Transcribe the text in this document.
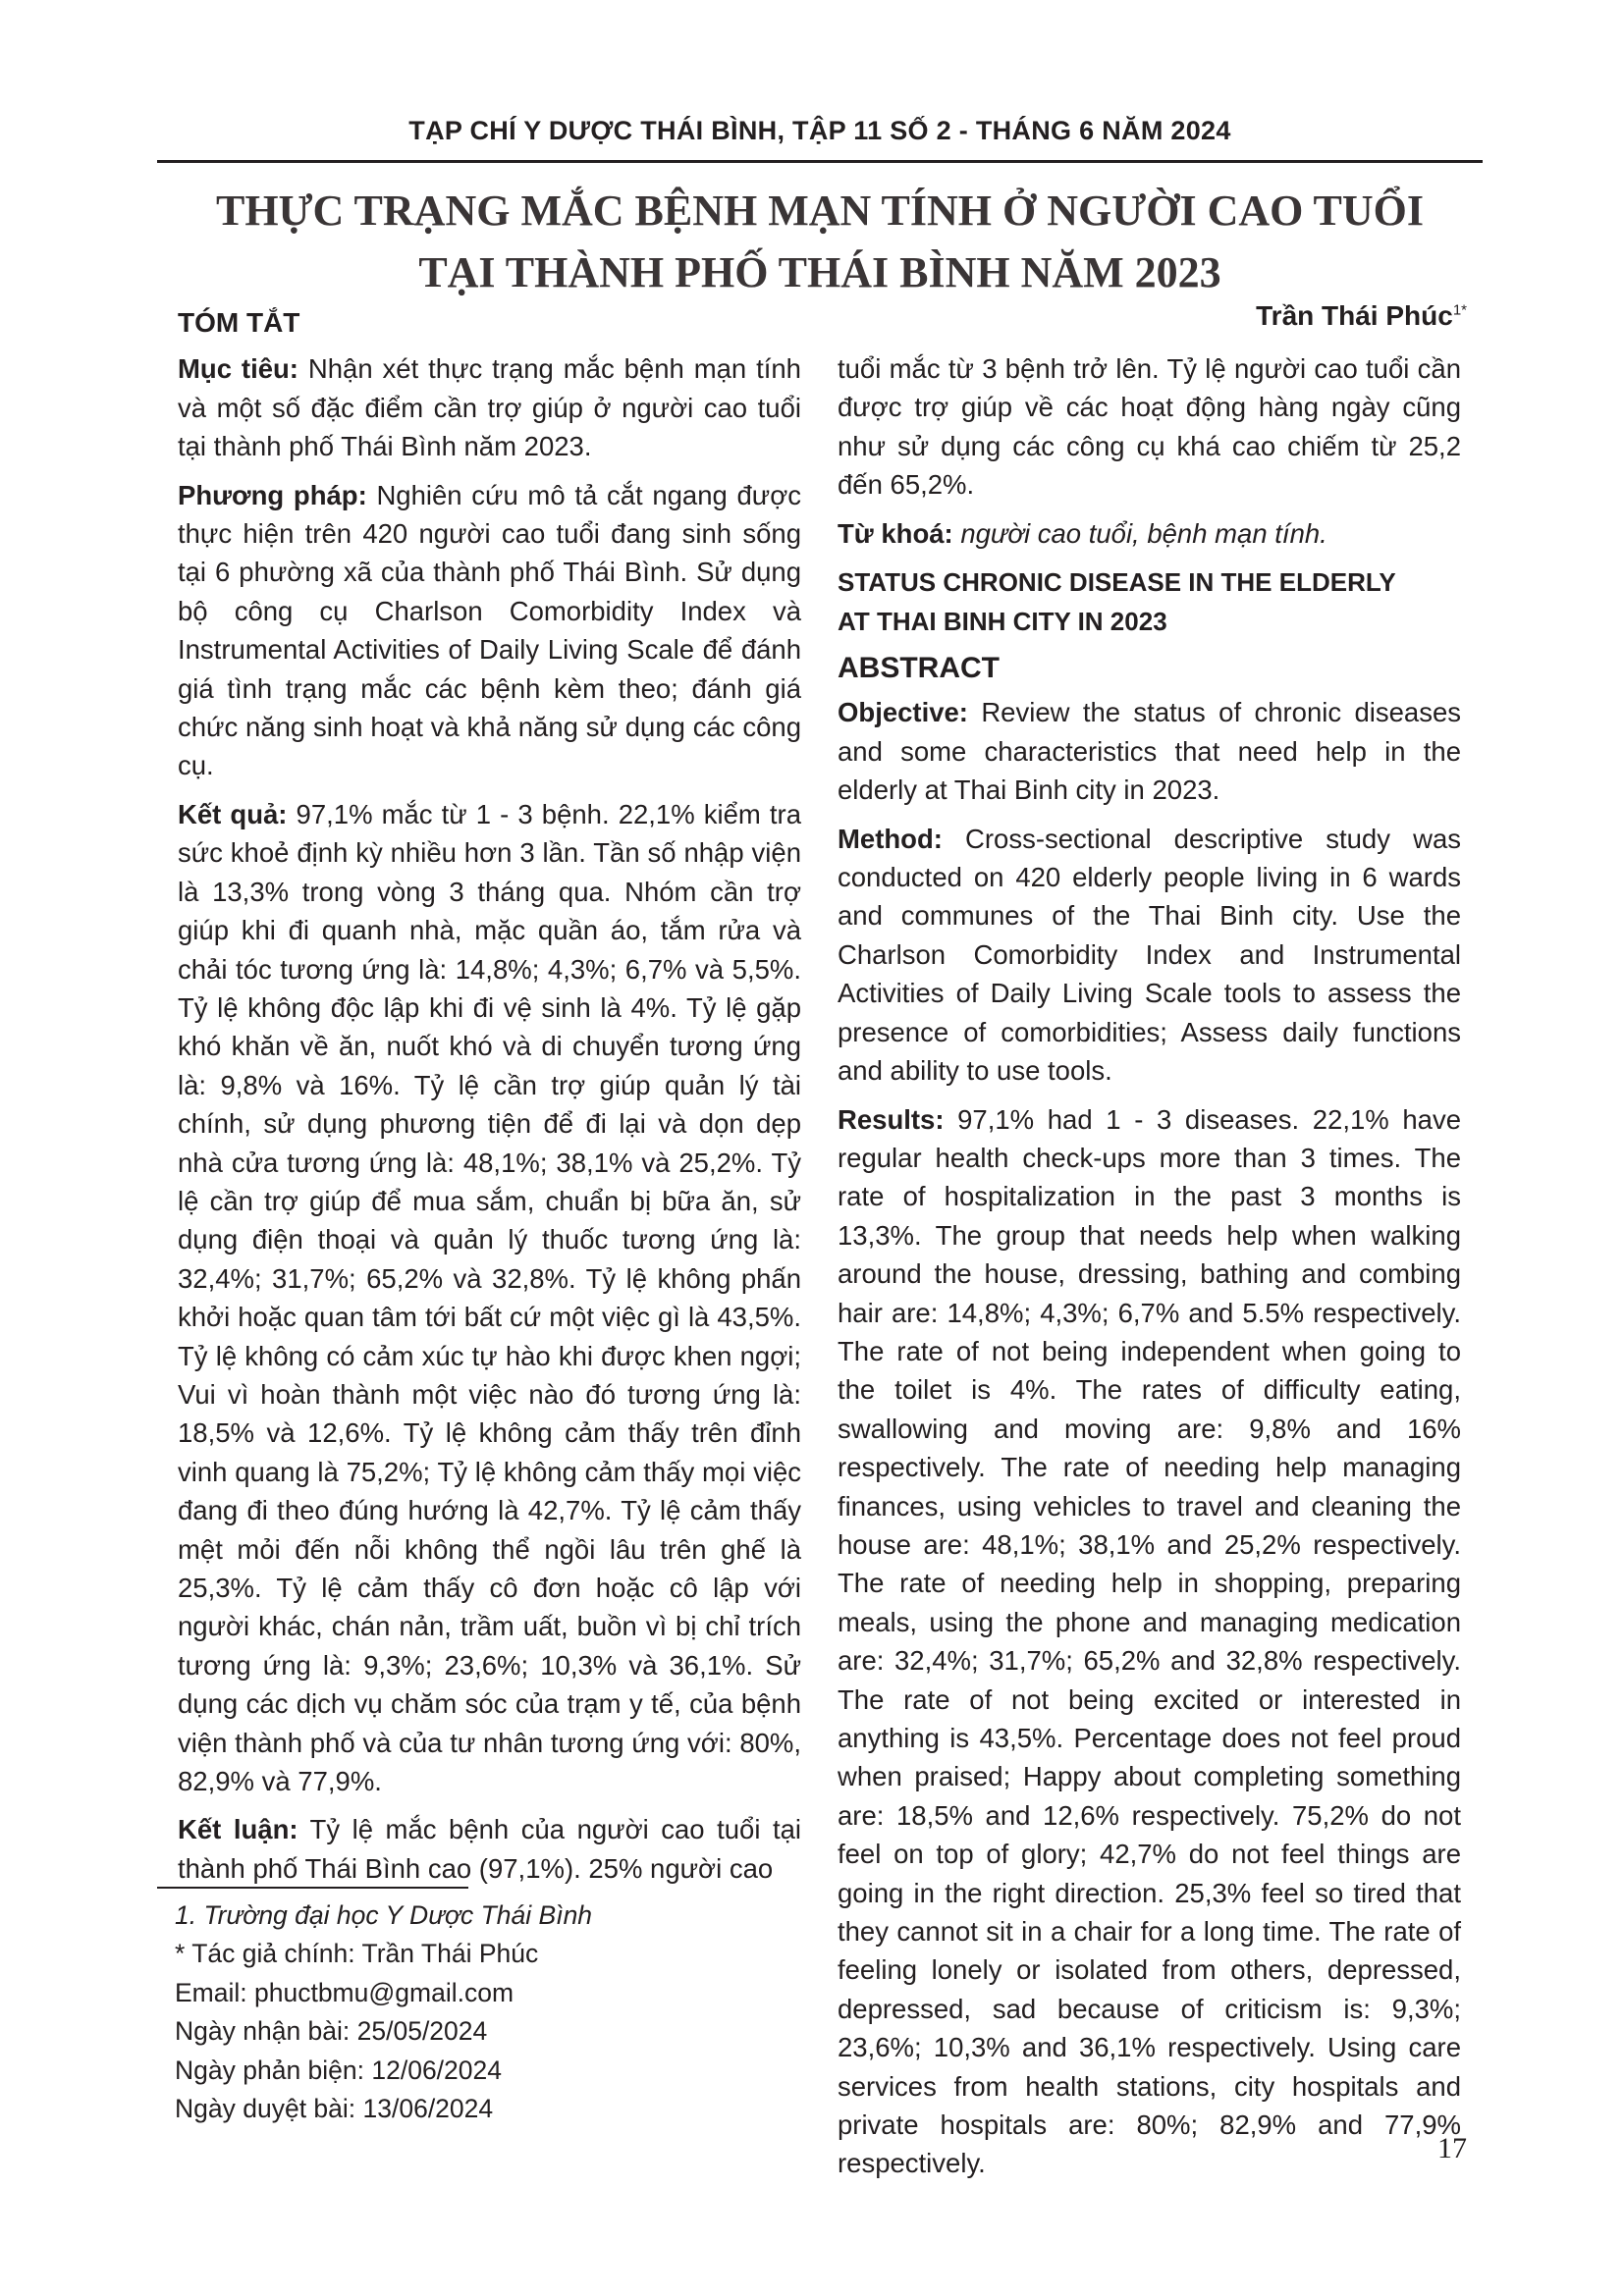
TẠP CHÍ Y DƯỢC THÁI BÌNH, TẬP 11 SỐ 2 - THÁNG 6 NĂM 2024
THỰC TRẠNG MẮC BỆNH MẠN TÍNH Ở NGƯỜI CAO TUỔI
TẠI THÀNH PHỐ THÁI BÌNH NĂM 2023
Trần Thái Phúc$^{1*}$
TÓM TẮT

Mục tiêu: Nhận xét thực trạng mắc bệnh mạn tính và một số đặc điểm cần trợ giúp ở người cao tuổi tại thành phố Thái Bình năm 2023.

Phương pháp: Nghiên cứu mô tả cắt ngang được thực hiện trên 420 người cao tuổi đang sinh sống tại 6 phường xã của thành phố Thái Bình. Sử dụng bộ công cụ Charlson Comorbidity Index và Instrumental Activities of Daily Living Scale để đánh giá tình trạng mắc các bệnh kèm theo; đánh giá chức năng sinh hoạt và khả năng sử dụng các công cụ.

Kết quả: 97,1% mắc từ 1 - 3 bệnh. 22,1% kiểm tra sức khoẻ định kỳ nhiều hơn 3 lần. Tần số nhập viện là 13,3% trong vòng 3 tháng qua. Nhóm cần trợ giúp khi đi quanh nhà, mặc quần áo, tắm rửa và chải tóc tương ứng là: 14,8%; 4,3%; 6,7% và 5,5%. Tỷ lệ không độc lập khi đi vệ sinh là 4%. Tỷ lệ gặp khó khăn về ăn, nuốt khó và di chuyển tương ứng là: 9,8% và 16%. Tỷ lệ cần trợ giúp quản lý tài chính, sử dụng phương tiện để đi lại và dọn dẹp nhà cửa tương ứng là: 48,1%; 38,1% và 25,2%. Tỷ lệ cần trợ giúp để mua sắm, chuẩn bị bữa ăn, sử dụng điện thoại và quản lý thuốc tương ứng là: 32,4%; 31,7%; 65,2% và 32,8%. Tỷ lệ không phấn khởi hoặc quan tâm tới bất cứ một việc gì là 43,5%. Tỷ lệ không có cảm xúc tự hào khi được khen ngợi; Vui vì hoàn thành một việc nào đó tương ứng là: 18,5% và 12,6%. Tỷ lệ không cảm thấy trên đỉnh vinh quang là 75,2%; Tỷ lệ không cảm thấy mọi việc đang đi theo đúng hướng là 42,7%. Tỷ lệ cảm thấy mệt mỏi đến nỗi không thể ngồi lâu trên ghế là 25,3%. Tỷ lệ cảm thấy cô đơn hoặc cô lập với người khác, chán nản, trầm uất, buồn vì bị chỉ trích tương ứng là: 9,3%; 23,6%; 10,3% và 36,1%. Sử dụng các dịch vụ chăm sóc của trạm y tế, của bệnh viện thành phố và của tư nhân tương ứng với: 80%, 82,9% và 77,9%.

Kết luận: Tỷ lệ mắc bệnh của người cao tuổi tại thành phố Thái Bình cao (97,1%). 25% người cao

1. Trường đại học Y Dược Thái Bình
* Tác giả chính: Trần Thái Phúc
Email: phuctbmu@gmail.com
Ngày nhận bài: 25/05/2024
Ngày phản biện: 12/06/2024
Ngày duyệt bài: 13/06/2024

tuổi mắc từ 3 bệnh trở lên. Tỷ lệ người cao tuổi cần được trợ giúp về các hoạt động hàng ngày cũng như sử dụng các công cụ khá cao chiếm từ 25,2 đến 65,2%.

Từ khoá: người cao tuổi, bệnh mạn tính.

STATUS CHRONIC DISEASE IN THE ELDERLY
AT THAI BINH CITY IN 2023
ABSTRACT

Objective: Review the status of chronic diseases and some characteristics that need help in the elderly at Thai Binh city in 2023.

Method: Cross-sectional descriptive study was conducted on 420 elderly people living in 6 wards and communes of the Thai Binh city. Use the Charlson Comorbidity Index and Instrumental Activities of Daily Living Scale tools to assess the presence of comorbidities; Assess daily functions and ability to use tools.

Results: 97,1% had 1 - 3 diseases. 22,1% have regular health check-ups more than 3 times. The rate of hospitalization in the past 3 months is 13,3%. The group that needs help when walking around the house, dressing, bathing and combing hair are: 14,8%; 4,3%; 6,7% and 5.5% respectively. The rate of not being independent when going to the toilet is 4%. The rates of difficulty eating, swallowing and moving are: 9,8% and 16% respectively. The rate of needing help managing finances, using vehicles to travel and cleaning the house are: 48,1%; 38,1% and 25,2% respectively. The rate of needing help in shopping, preparing meals, using the phone and managing medication are: 32,4%; 31,7%; 65,2% and 32,8% respectively. The rate of not being excited or interested in anything is 43,5%. Percentage does not feel proud when praised; Happy about completing something are: 18,5% and 12,6% respectively. 75,2% do not feel on top of glory; 42,7% do not feel things are going in the right direction. 25,3% feel so tired that they cannot sit in a chair for a long time. The rate of feeling lonely or isolated from others, depressed, depressed, sad because of criticism is: 9,3%; 23,6%; 10,3% and 36,1% respectively. Using care services from health stations, city hospitals and private hospitals are: 80%; 82,9% and 77,9% respectively.	17
